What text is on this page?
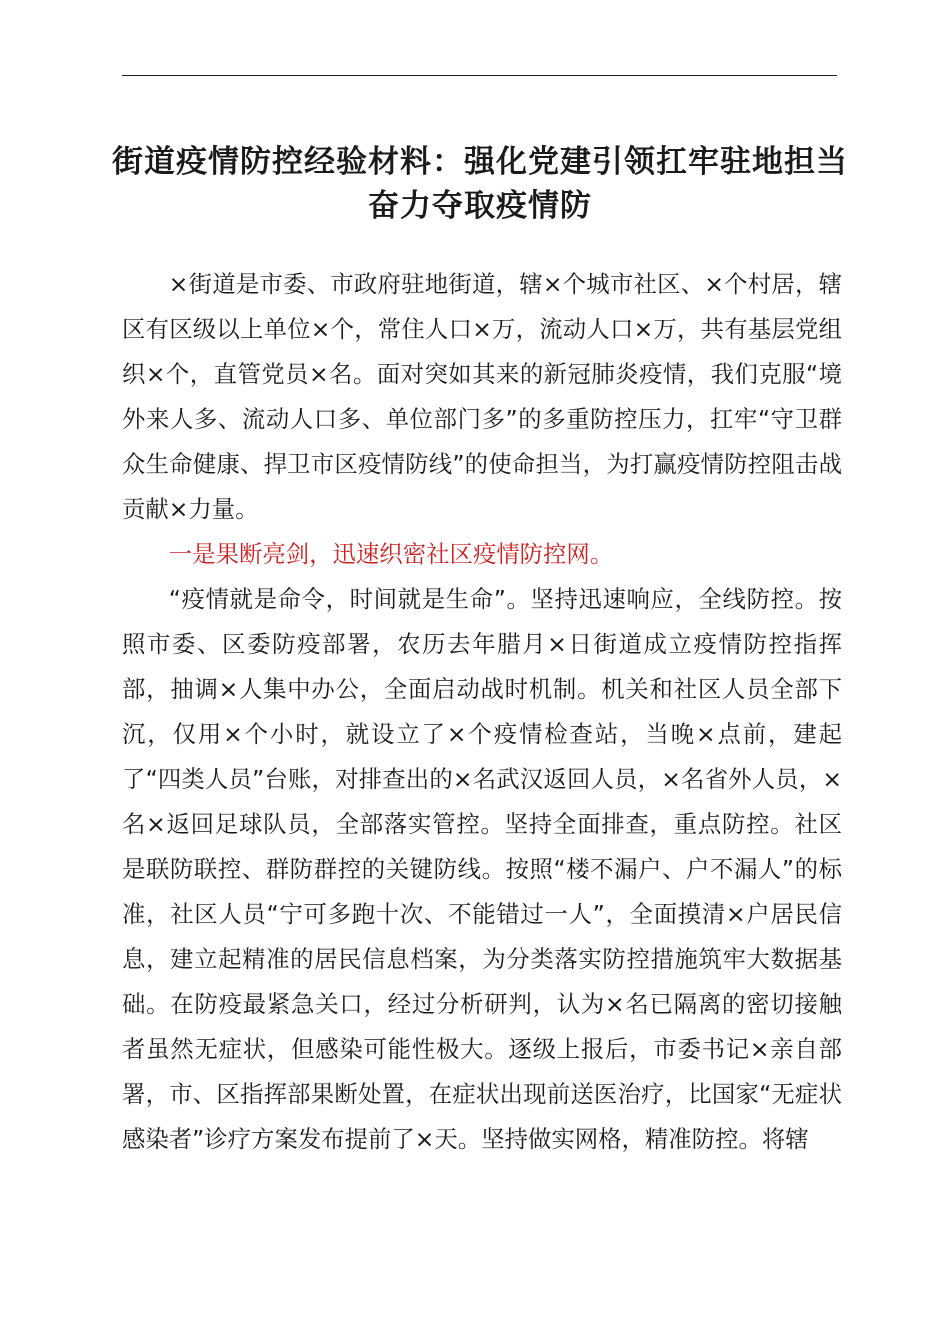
街道疫情防控经验材料：强化党建引领扛牢驻地担当奋力夺取疫情防

×街道是市委、市政府驻地街道，辖×个城市社区、×个村居，辖区有区级以上单位×个，常住人口×万，流动人口×万，共有基层党组织×个，直管党员×名。面对突如其来的新冠肺炎疫情，我们克服“境外来人多、流动人口多、单位部门多”的多重防控压力，扛牢“守卫群众生命健康、捍卫市区疫情防线”的使命担当，为打赢疫情防控阻击战贡献×力量。

一是果断亮剑，迅速织密社区疫情防控网。

“疫情就是命令，时间就是生命”。坚持迅速响应，全线防控。按照市委、区委防疫部署，农历去年腊月×日街道成立疫情防控指挥部，抽调×人集中办公，全面启动战时机制。机关和社区人员全部下沉，仅用×个小时，就设立了×个疫情检查站，当晚×点前，建起了“四类人员”台账，对排查出的×名武汉返回人员，×名省外人员，×名×返回足球队员，全部落实管控。坚持全面排查，重点防控。社区是联防联控、群防群控的关键防线。按照“楼不漏户、户不漏人”的标准，社区人员“宁可多跑十次、不能错过一人”，全面摸清×户居民信息，建立起精准的居民信息档案，为分类落实防控措施筑牢大数据基础。在防疫最紧急关口，经过分析研判，认为×名已隔离的密切接触者虽然无症状，但感染可能性极大。逐级上报后，市委书记×亲自部署，市、区指挥部果断处置，在症状出现前送医治疗，比国家“无症状感染者”诊疗方案发布提前了×天。坚持做实网格，精准防控。将辖
